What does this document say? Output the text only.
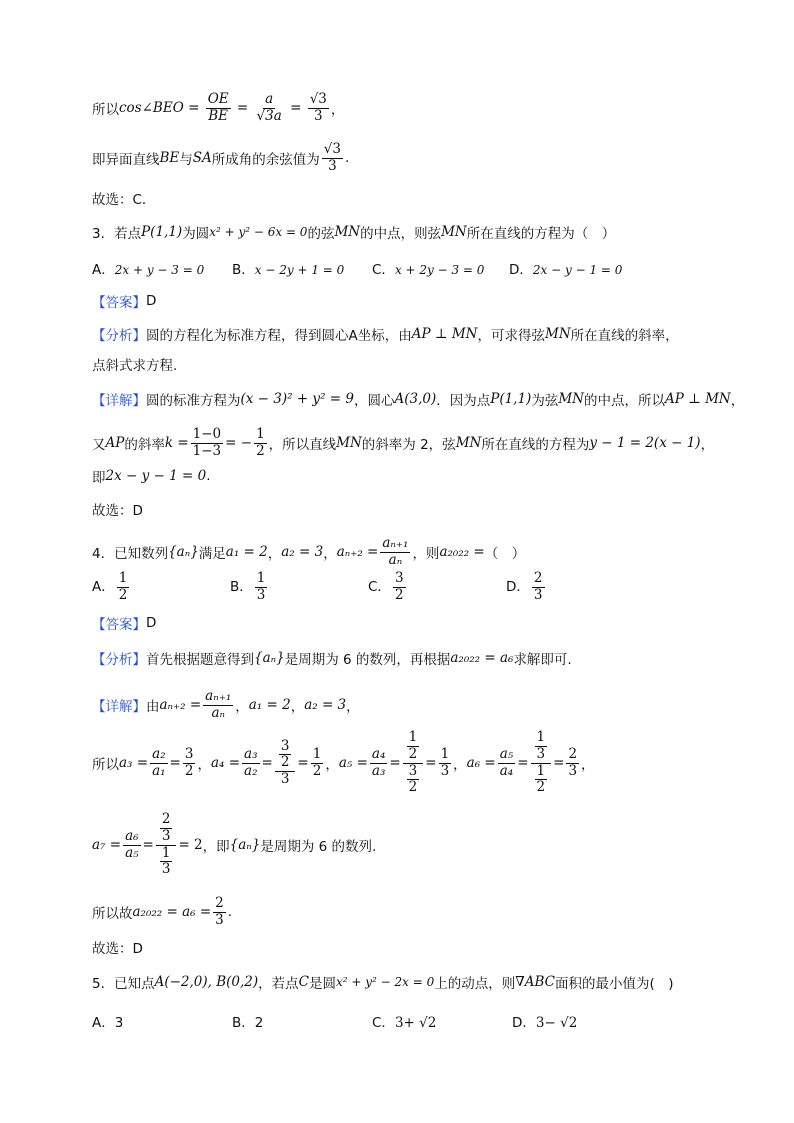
所以 cos∠BEO = $\frac{OE}{BE} = \frac{a}{√3a} = \frac{√3}{3}$ ，
即异面直线 BE 与 SA 所成角的余弦值为 $\frac{√3}{3}$ .
故选：C．
3．若点 P(1,1) 为圆 x² + y² − 6x = 0 的弦 MN 的中点，则弦 MN 所在直线的方程为（　）
A．2x + y − 3 = 0	B．x − 2y + 1 = 0	C．x + 2y − 3 = 0	D．2x − y − 1 = 0
【答案】 D
【分析】 圆的方程化为标准方程，得到圆心A坐标，由 AP ⊥ MN ，可求得弦 MN 所在直线的斜率，
点斜式求方程.
【详解】 圆的标准方程为 (x − 3)² + y² = 9 ，圆心 A(3,0) ．因为点 P(1,1) 为弦 MN 的中点，所以 AP ⊥ MN ，
又 AP 的斜率 $k = \frac{1-0}{1-3}$ = − $\frac{1}{2}$ ，所以直线 MN 的斜率为 2，弦 MN 所在直线的方程为 y − 1 = 2(x − 1) ，
即 2x − y − 1 = 0 .
故选：D
4．已知数列 {aₙ} 满足 a₁ = 2 ， a₂ = 3 ， $a_{n+2} = \frac{\text{aₙ₊₁}}{\text{aₙ}}$ ，则 a₂₀₂₂ = （　）
A． $\frac{1}{2}$	B． $\frac{1}{3}$	C． $\frac{3}{2}$	D． $\frac{2}{3}$
【答案】 D
【分析】 首先根据题意得到 {aₙ} 是周期为 6 的数列，再根据 a₂₀₂₂ = a₆ 求解即可.
【详解】 由 $a_{n+2} = \frac{\text{aₙ₊₁}}{\text{aₙ}}$ ， a₁ = 2 ， a₂ = 3 ，
所以 $a_3 = \frac{\text{a₂}}{\text{a₁}} = \frac{3}{2}$ ， $a_4 = \frac{\text{a₃}}{\text{a₂}} = \frac{\frac{3}{2}}{3} = \frac{1}{2}$ ， $a_5 = \frac{\text{a₄}}{\text{a₃}} = \frac{\frac{1}{2}}{\frac{3}{2}} = \frac{1}{3}$ ， $a_6 = \frac{\text{a₅}}{\text{a₄}} = \frac{\frac{1}{3}}{\frac{1}{2}} = \frac{2}{3}$ ，
$a_7 = \frac{\text{a₆}}{\text{a₅}} = \frac{\frac{2}{3}}{\frac{1}{3}} = 2$ ，即 {aₙ} 是周期为 6 的数列.
所以故 $a_{2022} = a_6 = \frac{2}{3}$ .
故选：D
5．已知点 A(−2,0), B(0,2) ，若点 C 是圆 x² + y² − 2x = 0 上的动点，则 ∇ABC 面积的最小值为(　)
A．3	B．2	C．3+ √2	D．3− √2
